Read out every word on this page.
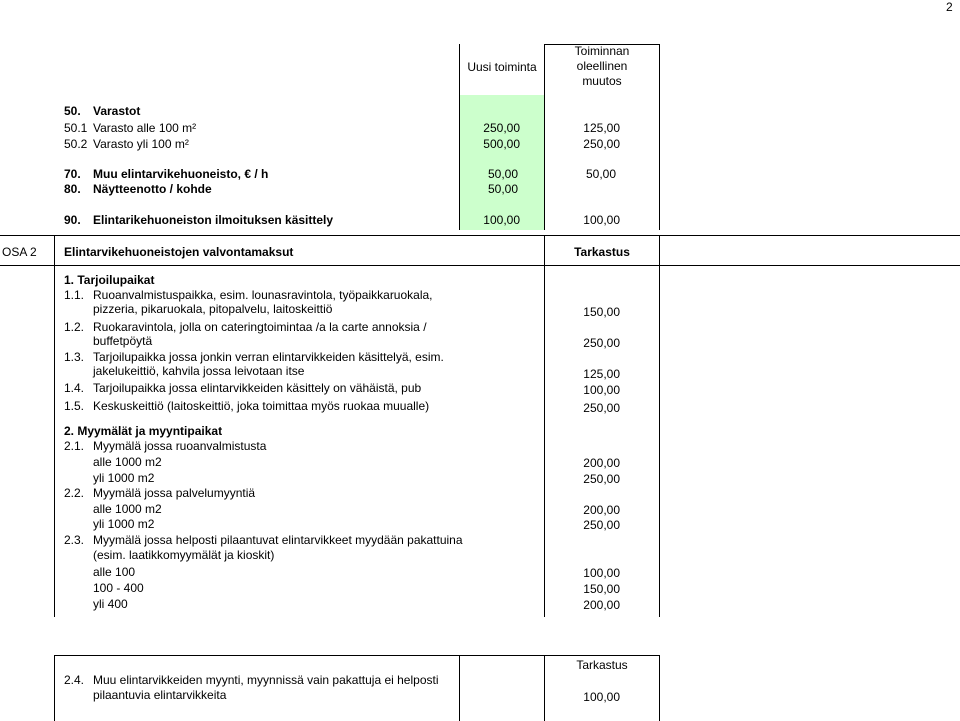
2
Uusi toiminta
Toiminnan
oleellinen
muutos
50. Varastot
50.1 Varasto alle 100 m²	250,00	125,00
50.2 Varasto yli 100 m²	500,00	250,00
70. Muu elintarvikehuoneisto, € / h	50,00	50,00
80. Näytteenotto / kohde	50,00
90. Elintarikehuoneiston ilmoituksen käsittely	100,00	100,00
OSA 2 Elintarvikehuoneistojen valvontamaksut	Tarkastus
1. Tarjoilupaikat
1.1. Ruoanvalmistuspaikka, esim. lounasravintola, työpaikkaruokala,
pizzeria, pikaruokala, pitopalvelu, laitoskeittiö	150,00
1.2. Ruokaravintola, jolla on cateringtoimintaa /a la carte annoksia /
buffetpöytä	250,00
1.3. Tarjoilupaikka jossa jonkin verran elintarvikkeiden käsittelyä, esim.
jakelukeittiö, kahvila jossa leivotaan itse	125,00
1.4. Tarjoilupaikka jossa elintarvikkeiden käsittely on vähäistä, pub	100,00
1.5. Keskuskeittiö (laitoskeittiö, joka toimittaa myös ruokaa muualle)	250,00
2. Myymälät ja myyntipaikat
2.1. Myymälä jossa ruoanvalmistusta
alle 1000 m2	200,00
yli 1000 m2	250,00
2.2. Myymälä jossa palvelumyyntiä
alle 1000 m2	200,00
yli 1000 m2	250,00
2.3. Myymälä jossa helposti pilaantuvat elintarvikkeet myydään pakattuina
(esim. laatikkomyymälät ja kioskit)
alle 100	100,00
100 - 400	150,00
yli 400	200,00
Tarkastus
2.4. Muu elintarvikkeiden myynti, myynnissä vain pakattuja ei helposti
pilaantuvia elintarvikkeita	100,00
